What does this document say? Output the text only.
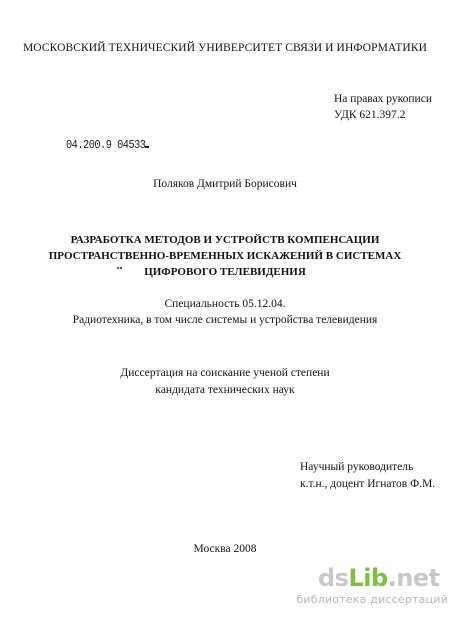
МОСКОВСКИЙ ТЕХНИЧЕСКИЙ УНИВЕРСИТЕТ СВЯЗИ И ИНФОРМАТИКИ
На правах рукописи
УДК 621.397.2
04.200.9 04533
Поляков Дмитрий Борисович
РАЗРАБОТКА МЕТОДОВ И УСТРОЙСТВ КОМПЕНСАЦИИ
ПРОСТРАНСТВЕННО-ВРЕМЕННЫХ ИСКАЖЕНИЙ В СИСТЕМАХ
ЦИФРОВОГО ТЕЛЕВИДЕНИЯ
Специальность 05.12.04.
Радиотехника, в том числе системы и устройства телевидения
Диссертация на соискание ученой степени
кандидата технических наук
Научный руководитель
к.т.н., доцент Игнатов Ф.М.
Москва 2008
dsLib.net
библиотека диссертаций
